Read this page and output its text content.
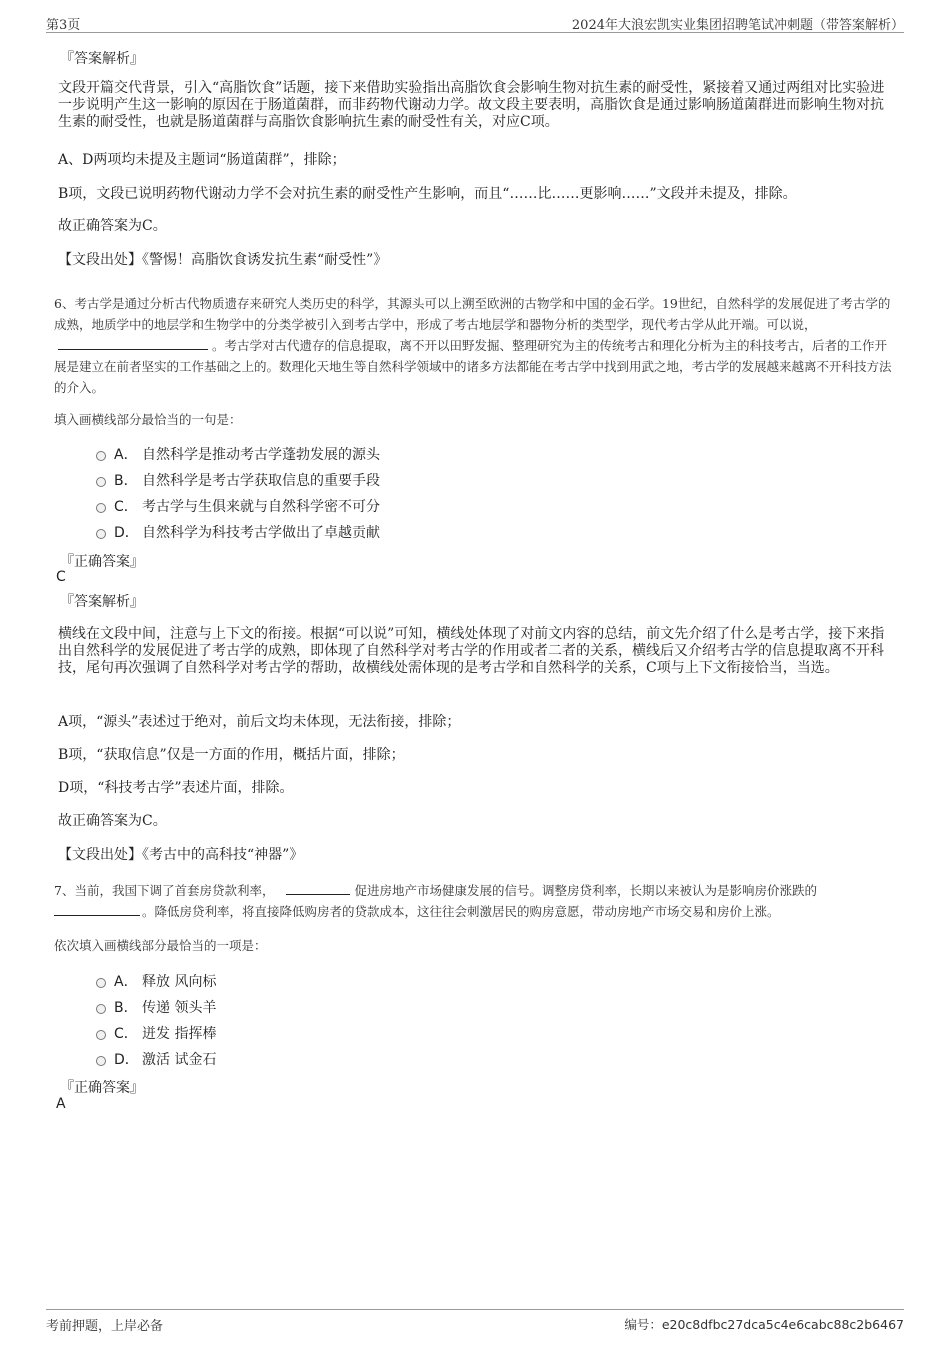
第3页	2024年大浪宏凯实业集团招聘笔试冲刺题（带答案解析）
『答案解析』
文段开篇交代背景，引入“高脂饮食”话题，接下来借助实验指出高脂饮食会影响生物对抗生素的耐受性，紧接着又通过两组对比实验进一步说明产生这一影响的原因在于肠道菌群，而非药物代谢动力学。故文段主要表明，高脂饮食是通过影响肠道菌群进而影响生物对抗生素的耐受性，也就是肠道菌群与高脂饮食影响抗生素的耐受性有关，对应C项。
A、D两项均未提及主题词“肠道菌群”，排除；
B项，文段已说明药物代谢动力学不会对抗生素的耐受性产生影响，而且“……比……更影响……”文段并未提及，排除。
故正确答案为C。
【文段出处】《警惕！高脂饮食诱发抗生素“耐受性”》
6、考古学是通过分析古代物质遗存来研究人类历史的科学，其源头可以上溯至欧洲的古物学和中国的金石学。19世纪，自然科学的发展促进了考古学的成熟，地质学中的地层学和生物学中的分类学被引入到考古学中，形成了考古地层学和器物分析的类型学，现代考古学从此开端。可以说，。考古学对古代遗存的信息提取，离不开以田野发掘、整理研究为主的传统考古和理化分析为主的科技考古，后者的工作开展是建立在前者坚实的工作基础之上的。数理化天地生等自然科学领域中的诸多方法都能在考古学中找到用武之地，考古学的发展越来越离不开科技方法的介入。
填入画横线部分最恰当的一句是：
A． 自然科学是推动考古学蓬勃发展的源头
B． 自然科学是考古学获取信息的重要手段
C． 考古学与生俱来就与自然科学密不可分
D． 自然科学为科技考古学做出了卓越贡献
『正确答案』
C
『答案解析』
横线在文段中间，注意与上下文的衔接。根据“可以说”可知，横线处体现了对前文内容的总结，前文先介绍了什么是考古学，接下来指出自然科学的发展促进了考古学的成熟，即体现了自然科学对考古学的作用或者二者的关系，横线后又介绍考古学的信息提取离不开科技，尾句再次强调了自然科学对考古学的帮助，故横线处需体现的是考古学和自然科学的关系，C项与上下文衔接恰当，当选。
A项，“源头”表述过于绝对，前后文均未体现，无法衔接，排除；
B项，“获取信息”仅是一方面的作用，概括片面，排除；
D项，“科技考古学”表述片面，排除。
故正确答案为C。
【文段出处】《考古中的高科技“神器”》
7、当前，我国下调了首套房贷款利率，	促进房地产市场健康发展的信号。调整房贷利率，长期以来被认为是影响房价涨跌的。降低房贷利率，将直接降低购房者的贷款成本，这往往会刺激居民的购房意愿，带动房地产市场交易和房价上涨。
依次填入画横线部分最恰当的一项是：
A． 释放 风向标
B． 传递 领头羊
C． 迸发 指挥棒
D． 激活 试金石
『正确答案』
A
考前押题，上岸必备	编号：e20c8dfbc27dca5c4e6cabc88c2b6467
